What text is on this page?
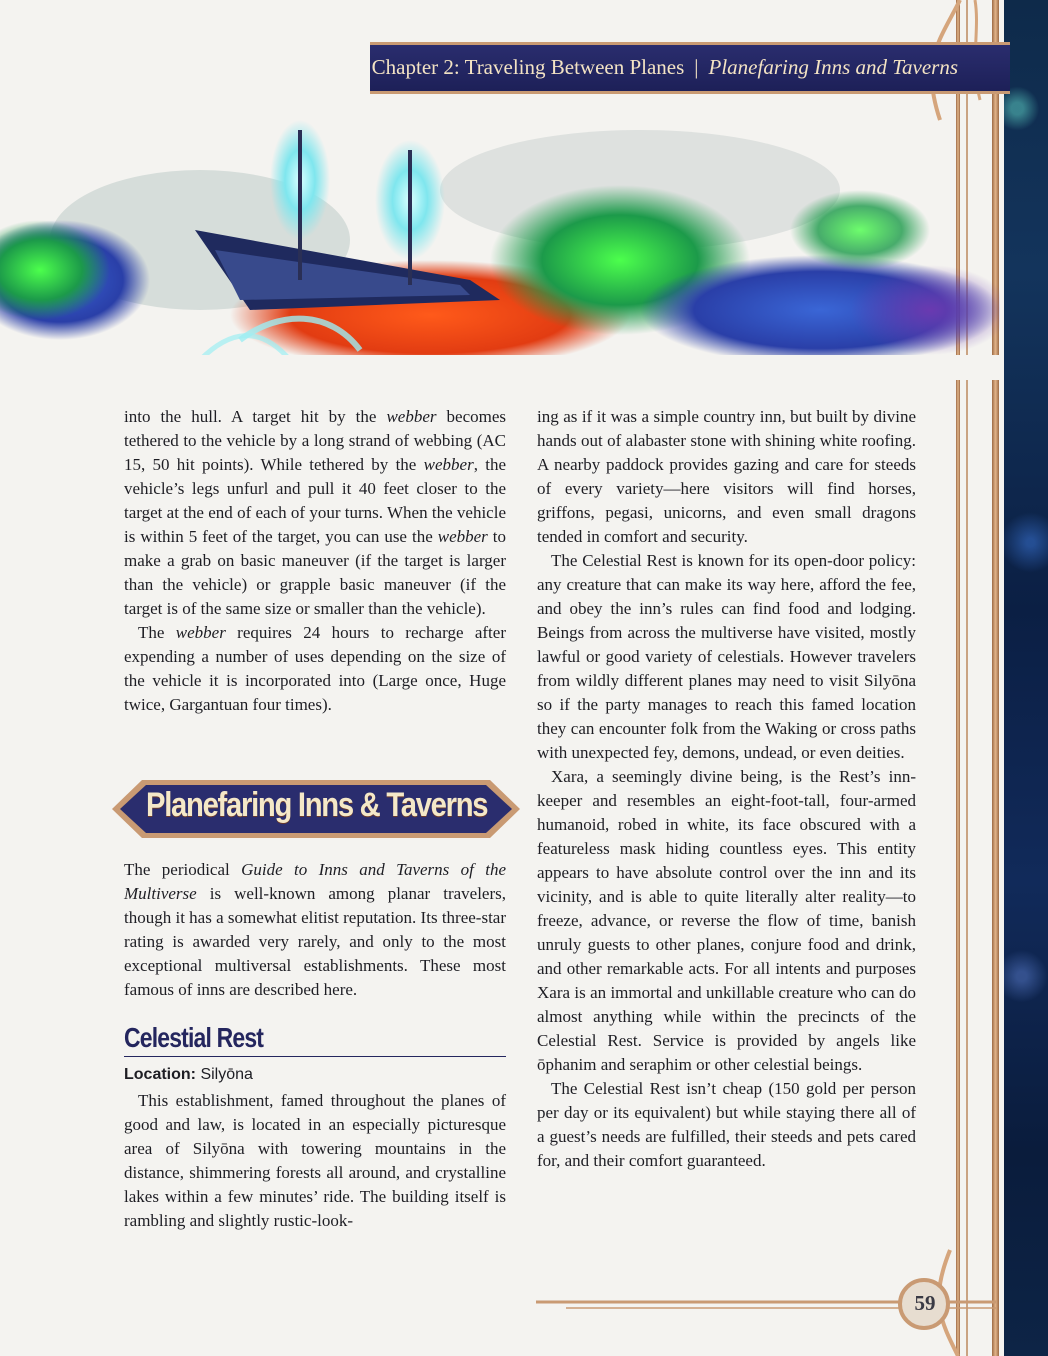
Chapter 2: Traveling Between Planes | Planefaring Inns and Taverns

into the hull. A target hit by the webber becomes tethered to the vehicle by a long strand of webbing (AC 15, 50 hit points). While tethered by the webber, the vehicle’s legs unfurl and pull it 40 feet closer to the target at the end of each of your turns. When the vehicle is within 5 feet of the target, you can use the webber to make a grab on basic maneuver (if the target is larger than the vehicle) or grapple basic maneuver (if the target is of the same size or smaller than the vehicle).

The webber requires 24 hours to recharge after expending a number of uses depending on the size of the vehicle it is incorporated into (Large once, Huge twice, Gargantuan four times).

Planefaring Inns & Taverns

The periodical Guide to Inns and Taverns of the Multiverse is well-known among planar travelers, though it has a somewhat elitist reputation. Its three-star rating is awarded very rarely, and only to the most exceptional multiversal establishments. These most famous of inns are described here.

Celestial Rest
Location: Silyōna

This establishment, famed throughout the planes of good and law, is located in an especially picturesque area of Silyōna with towering mountains in the distance, shimmering forests all around, and crystalline lakes within a few minutes’ ride. The building itself is rambling and slightly rustic-look-

ing as if it was a simple country inn, but built by divine hands out of alabaster stone with shining white roofing. A nearby paddock provides gazing and care for steeds of every variety—here visitors will find horses, griffons, pegasi, unicorns, and even small dragons tended in comfort and security.

The Celestial Rest is known for its open-door policy: any creature that can make its way here, afford the fee, and obey the inn’s rules can find food and lodging. Beings from across the multiverse have visited, mostly lawful or good variety of celestials. However travelers from wildly different planes may need to visit Silyōna so if the party manages to reach this famed location they can encounter folk from the Waking or cross paths with unexpected fey, demons, undead, or even deities.

Xara, a seemingly divine being, is the Rest’s innkeeper and resembles an eight-foot-tall, four-armed humanoid, robed in white, its face obscured with a featureless mask hiding countless eyes. This entity appears to have absolute control over the inn and its vicinity, and is able to quite literally alter reality—to freeze, advance, or reverse the flow of time, banish unruly guests to other planes, conjure food and drink, and other remarkable acts. For all intents and purposes Xara is an immortal and unkillable creature who can do almost anything while within the precincts of the Celestial Rest. Service is provided by angels like ōphanim and seraphim or other celestial beings.

The Celestial Rest isn’t cheap (150 gold per person per day or its equivalent) but while staying there all of a guest’s needs are fulfilled, their steeds and pets cared for, and their comfort guaranteed.

59
